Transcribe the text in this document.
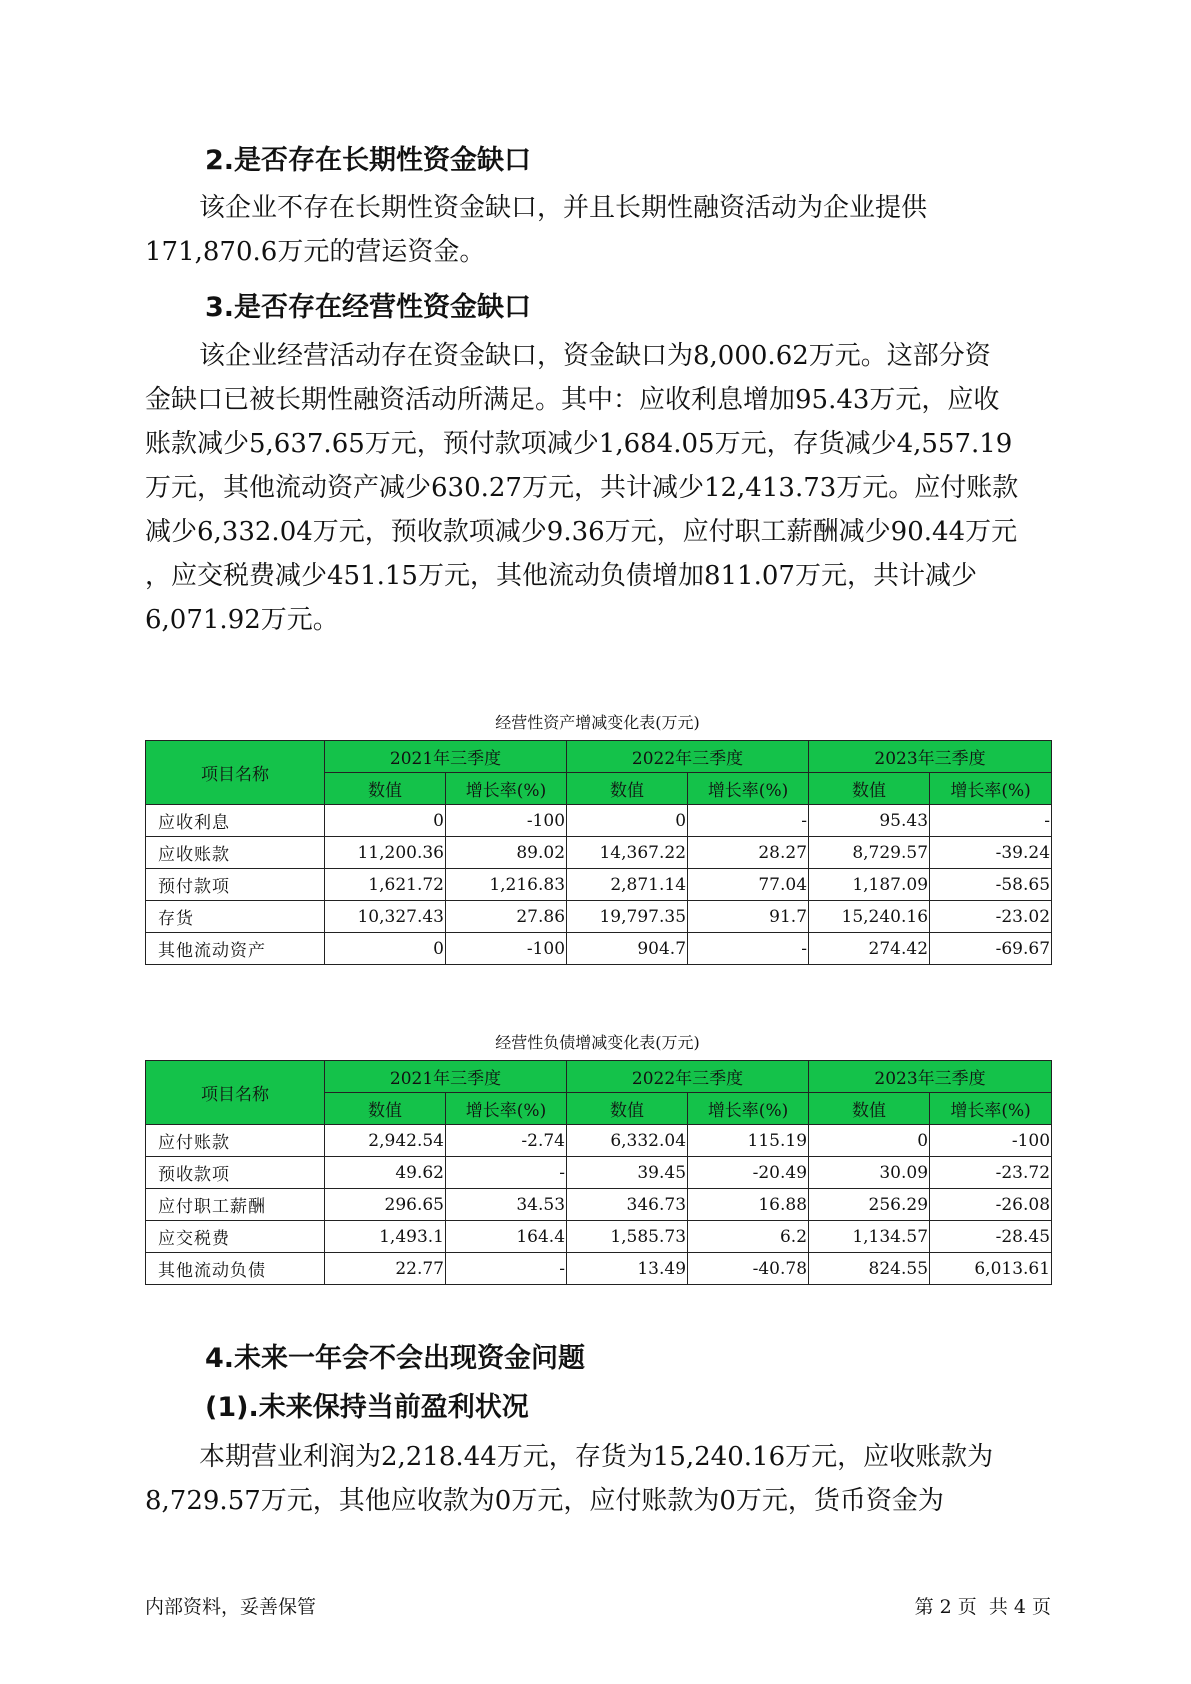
2.是否存在长期性资金缺口
该企业不存在长期性资金缺口，并且长期性融资活动为企业提供
171,870.6万元的营运资金。
3.是否存在经营性资金缺口
该企业经营活动存在资金缺口，资金缺口为8,000.62万元。这部分资
金缺口已被长期性融资活动所满足。其中：应收利息增加95.43万元，应收
账款减少5,637.65万元，预付款项减少1,684.05万元，存货减少4,557.19
万元，其他流动资产减少630.27万元，共计减少12,413.73万元。应付账款
减少6,332.04万元，预收款项减少9.36万元，应付职工薪酬减少90.44万元
，应交税费减少451.15万元，其他流动负债增加811.07万元，共计减少
6,071.92万元。

经营性资产增减变化表(万元)

项目名称	2021年三季度		2022年三季度		2023年三季度	
	数值	增长率(%)	数值	增长率(%)	数值	增长率(%)
应收利息	0	-100	0	-	95.43	-
应收账款	11,200.36	89.02	14,367.22	28.27	8,729.57	-39.24
预付款项	1,621.72	1,216.83	2,871.14	77.04	1,187.09	-58.65
存货	10,327.43	27.86	19,797.35	91.7	15,240.16	-23.02
其他流动资产	0	-100	904.7	-	274.42	-69.67

经营性负债增减变化表(万元)

项目名称	2021年三季度		2022年三季度		2023年三季度	
	数值	增长率(%)	数值	增长率(%)	数值	增长率(%)
应付账款	2,942.54	-2.74	6,332.04	115.19	0	-100
预收款项	49.62	-	39.45	-20.49	30.09	-23.72
应付职工薪酬	296.65	34.53	346.73	16.88	256.29	-26.08
应交税费	1,493.1	164.4	1,585.73	6.2	1,134.57	-28.45
其他流动负债	22.77	-	13.49	-40.78	824.55	6,013.61
4.未来一年会不会出现资金问题
(1).未来保持当前盈利状况
本期营业利润为2,218.44万元，存货为15,240.16万元，应收账款为
8,729.57万元，其他应收款为0万元，应付账款为0万元，货币资金为
内部资料，妥善保管	第 2 页  共 4 页
